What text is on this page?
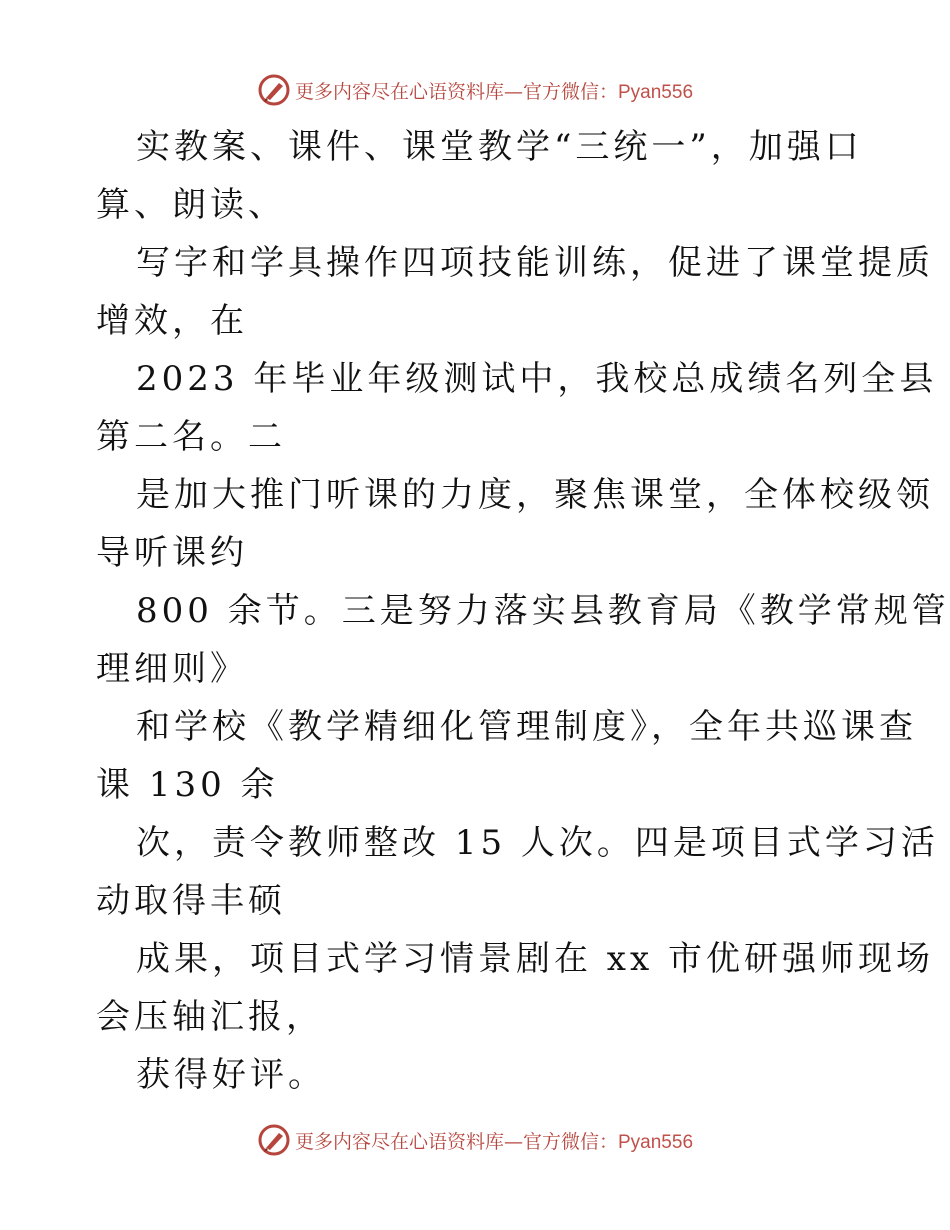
更多内容尽在心语资料库—官方微信：Pyan556
实教案、课件、课堂教学“三统一”，加强口
算、朗读、
写字和学具操作四项技能训练，促进了课堂提质
增效，在
2023 年毕业年级测试中，我校总成绩名列全县
第二名。二
是加大推门听课的力度，聚焦课堂，全体校级领
导听课约
800 余节。三是努力落实县教育局《教学常规管
理细则》
和学校《教学精细化管理制度》，全年共巡课查
课 130 余
次，责令教师整改 15 人次。四是项目式学习活
动取得丰硕
成果，项目式学习情景剧在 xx 市优研强师现场
会压轴汇报，
获得好评。
更多内容尽在心语资料库—官方微信：Pyan556
